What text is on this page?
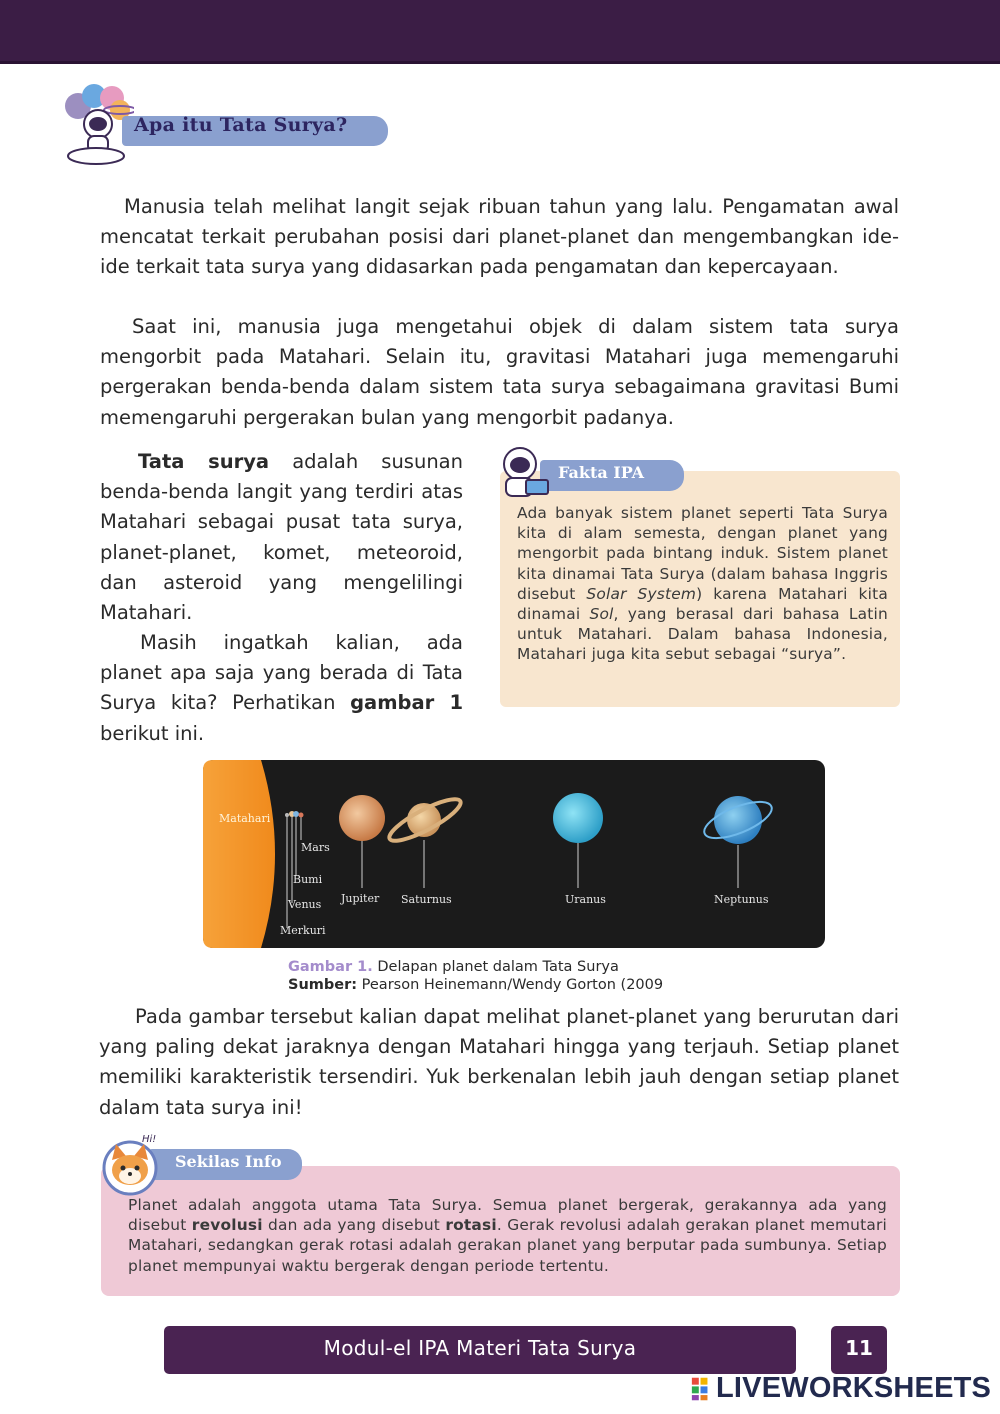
Apa itu Tata Surya?

Manusia telah melihat langit sejak ribuan tahun yang lalu. Pengamatan awal mencatat terkait perubahan posisi dari planet-planet dan mengembangkan ide-ide terkait tata surya yang didasarkan pada pengamatan dan kepercayaan.

Saat ini, manusia juga mengetahui objek di dalam sistem tata surya mengorbit pada Matahari. Selain itu, gravitasi Matahari juga memengaruhi pergerakan benda-benda dalam sistem tata surya sebagaimana gravitasi Bumi memengaruhi pergerakan bulan yang mengorbit padanya.

Tata surya adalah susunan benda-benda langit yang terdiri atas Matahari sebagai pusat tata surya, planet-planet, komet, meteoroid, dan asteroid yang mengelilingi Matahari.

Masih ingatkah kalian, ada planet apa saja yang berada di Tata Surya kita? Perhatikan gambar 1 berikut ini.

Fakta IPA

Ada banyak sistem planet seperti Tata Surya kita di alam semesta, dengan planet yang mengorbit pada bintang induk. Sistem planet kita dinamai Tata Surya (dalam bahasa Inggris disebut Solar System) karena Matahari kita dinamai Sol, yang berasal dari bahasa Latin untuk Matahari. Dalam bahasa Indonesia, Matahari juga kita sebut sebagai “surya”.

Matahari
Mars
Bumi
Venus
Merkuri
Jupiter Saturnus	Uranus	Neptunus
Gambar 1. Delapan planet dalam Tata Surya
Sumber: Pearson Heinemann/Wendy Gorton (2009

Pada gambar tersebut kalian dapat melihat planet-planet yang berurutan dari yang paling dekat jaraknya dengan Matahari hingga yang terjauh. Setiap planet memiliki karakteristik tersendiri. Yuk berkenalan lebih jauh dengan setiap planet dalam tata surya ini!

Hi!
Sekilas Info

Planet adalah anggota utama Tata Surya. Semua planet bergerak, gerakannya ada yang disebut revolusi dan ada yang disebut rotasi. Gerak revolusi adalah gerakan planet memutari Matahari, sedangkan gerak rotasi adalah gerakan planet yang berputar pada sumbunya. Setiap planet mempunyai waktu bergerak dengan periode tertentu.

Modul-el IPA Materi Tata Surya	11
LIVEWORKSHEETS
